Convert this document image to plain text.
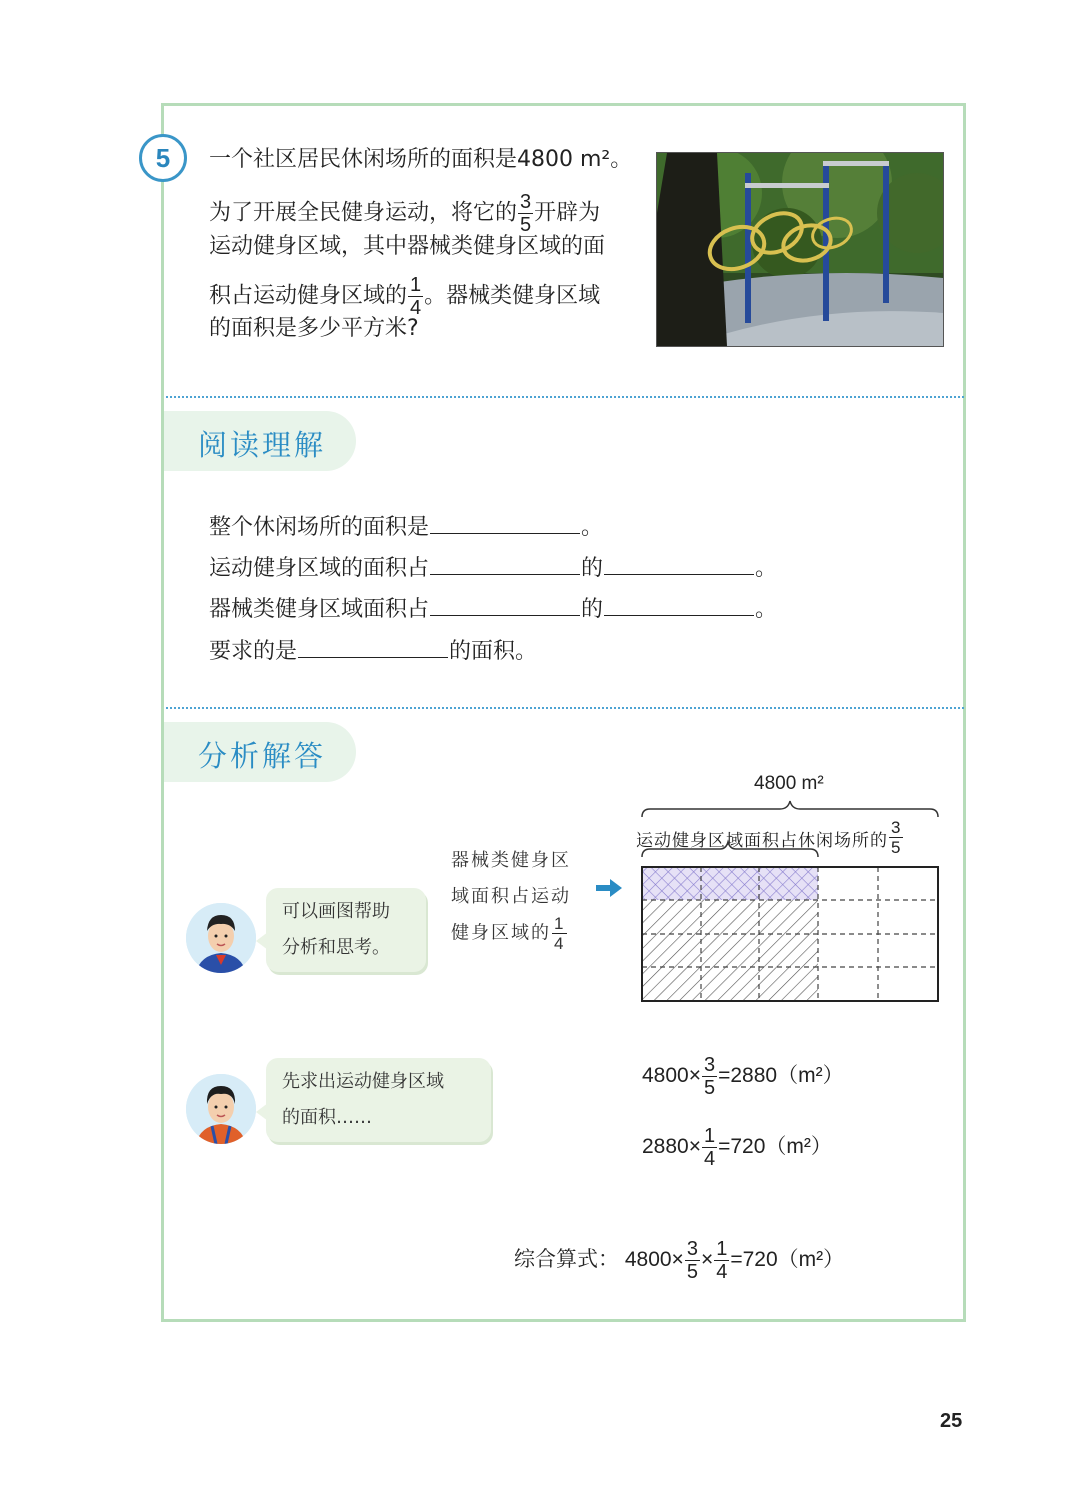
5	一个社区居民休闲场所的面积是4800 m²。
为了开展全民健身运动，将它的 $\frac{3}{5}$ 开辟为
运动健身区域，其中器械类健身区域的面
积占运动健身区域的 $\frac{1}{4}$ 。器械类健身区域
的面积是多少平方米?
阅读理解
整个休闲场所的面积是	。
运动健身区域的面积占	的	。
器械类健身区域面积占	的	。
要求的是	的面积。
分析解答
可以画图帮助
分析和思考。
器械类健身区
域面积占运动
健身区域的 $\frac{1}{4}$
4800 m²
运动健身区域面积占休闲场所的 $\frac{3}{5}$
先求出运动健身区域
的面积……
$4800\times \frac{3}{5} =2880(m^2)$
$2880\times \frac{1}{4} =720(m^2)$
综合算式： $4800\times \frac{3}{5} \times \frac{1}{4} =720(m^2)$
25
